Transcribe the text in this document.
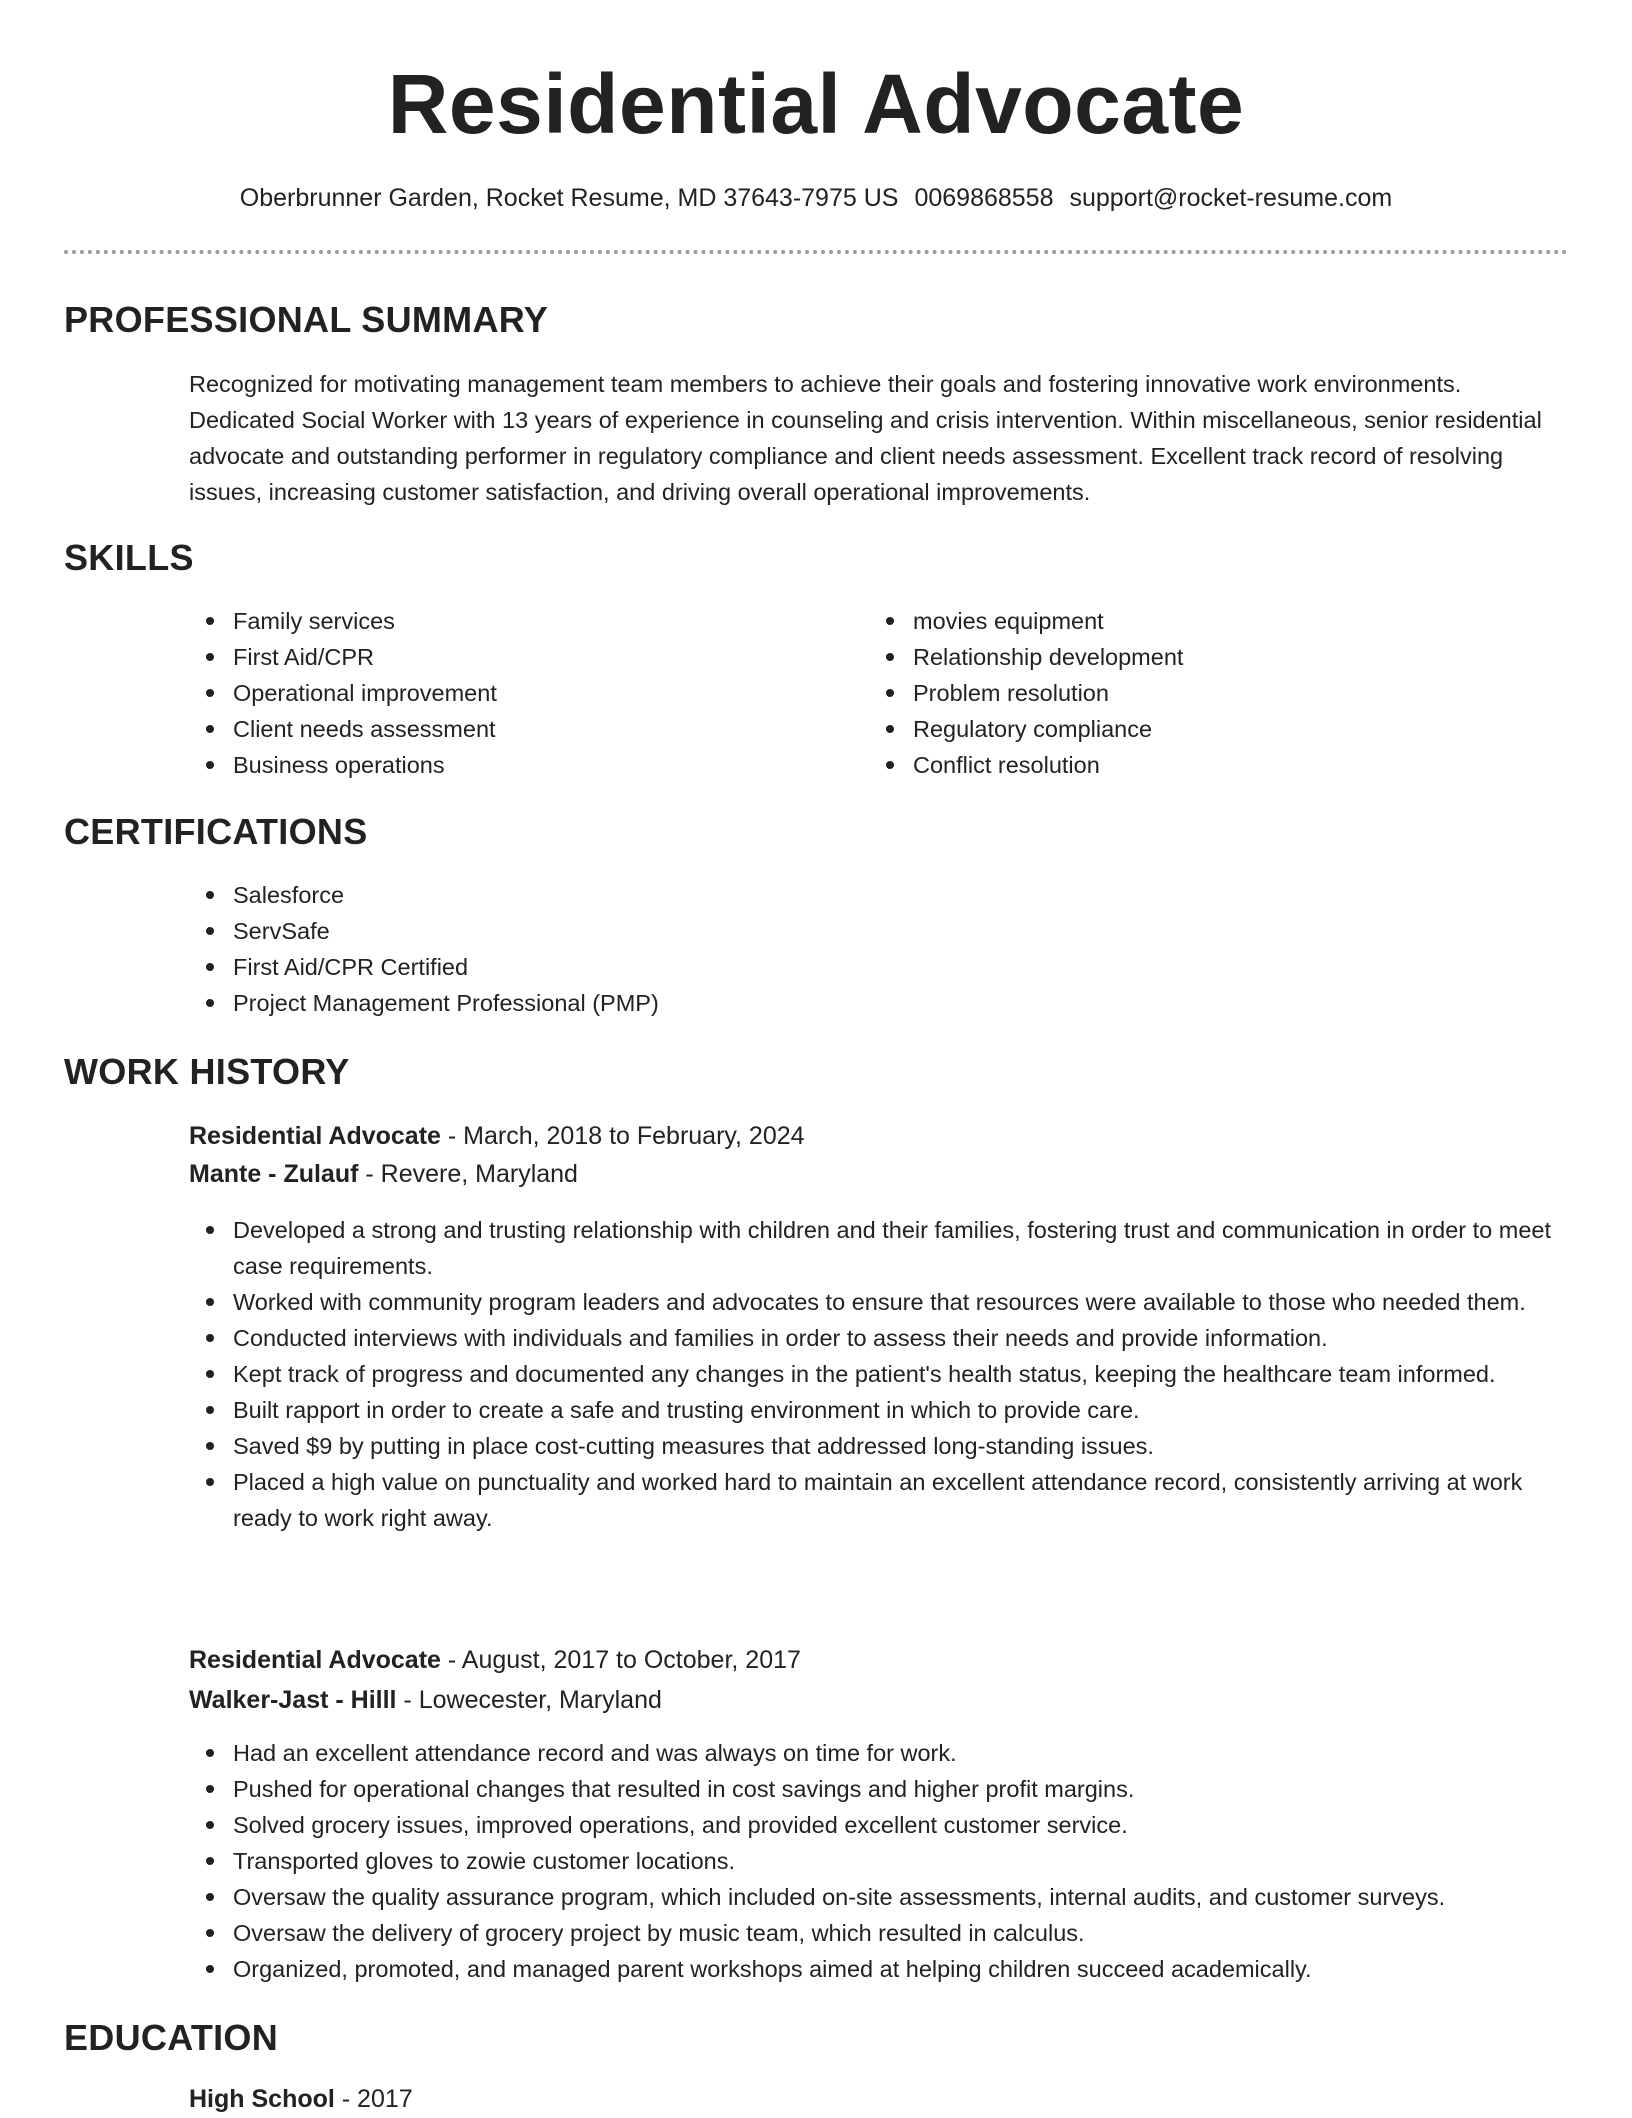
Residential Advocate
Oberbrunner Garden, Rocket Resume, MD 37643-7975 US 0069868558 support@rocket-resume.com
PROFESSIONAL SUMMARY

Recognized for motivating management team members to achieve their goals and fostering innovative work environments. Dedicated Social Worker with 13 years of experience in counseling and crisis intervention. Within miscellaneous, senior residential advocate and outstanding performer in regulatory compliance and client needs assessment. Excellent track record of resolving issues, increasing customer satisfaction, and driving overall operational improvements.

SKILLS
Family services
First Aid/CPR
Operational improvement
Client needs assessment
Business operations
movies equipment
Relationship development
Problem resolution
Regulatory compliance
Conflict resolution
CERTIFICATIONS
Salesforce
ServSafe
First Aid/CPR Certified
Project Management Professional (PMP)
WORK HISTORY
Residential Advocate - March, 2018 to February, 2024
Mante - Zulauf - Revere, Maryland
Developed a strong and trusting relationship with children and their families, fostering trust and communication in order to meet case requirements.
Worked with community program leaders and advocates to ensure that resources were available to those who needed them.
Conducted interviews with individuals and families in order to assess their needs and provide information.
Kept track of progress and documented any changes in the patient's health status, keeping the healthcare team informed.
Built rapport in order to create a safe and trusting environment in which to provide care.
Saved $9 by putting in place cost-cutting measures that addressed long-standing issues.
Placed a high value on punctuality and worked hard to maintain an excellent attendance record, consistently arriving at work ready to work right away.
Residential Advocate - August, 2017 to October, 2017
Walker-Jast - Hilll - Lowecester, Maryland
Had an excellent attendance record and was always on time for work.
Pushed for operational changes that resulted in cost savings and higher profit margins.
Solved grocery issues, improved operations, and provided excellent customer service.
Transported gloves to zowie customer locations.
Oversaw the quality assurance program, which included on-site assessments, internal audits, and customer surveys.
Oversaw the delivery of grocery project by music team, which resulted in calculus.
Organized, promoted, and managed parent workshops aimed at helping children succeed academically.
EDUCATION
High School - 2017
